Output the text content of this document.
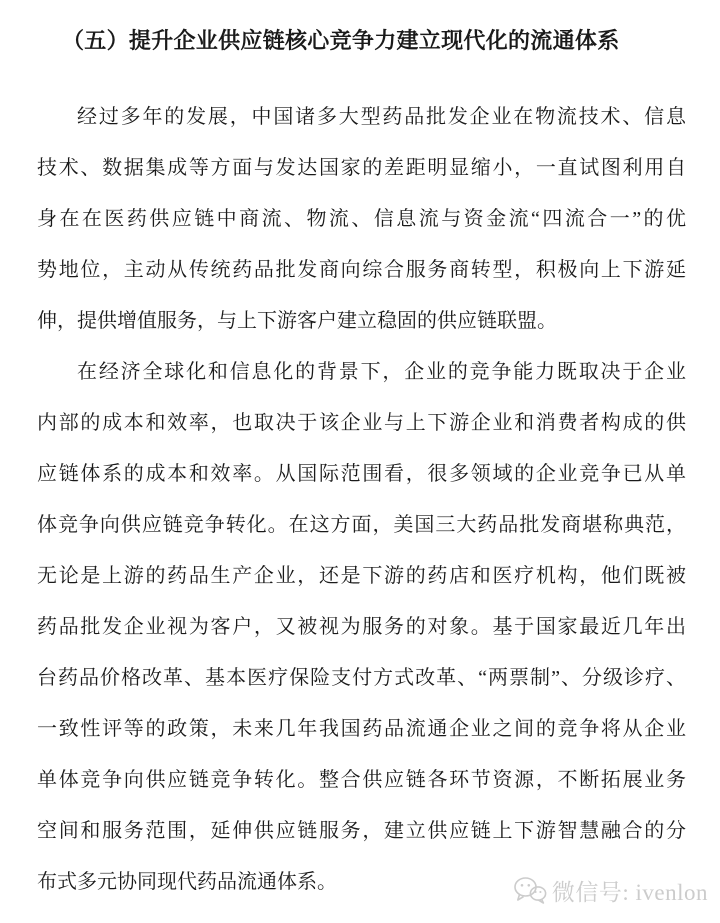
（五）提升企业供应链核心竞争力建立现代化的流通体系
经过多年的发展，中国诸多大型药品批发企业在物流技术、信息
技术、数据集成等方面与发达国家的差距明显缩小，一直试图利用自
身在在医药供应链中商流、物流、信息流与资金流“四流合一”的优
势地位，主动从传统药品批发商向综合服务商转型，积极向上下游延
伸，提供增值服务，与上下游客户建立稳固的供应链联盟。
在经济全球化和信息化的背景下，企业的竞争能力既取决于企业
内部的成本和效率，也取决于该企业与上下游企业和消费者构成的供
应链体系的成本和效率。从国际范围看，很多领域的企业竞争已从单
体竞争向供应链竞争转化。在这方面，美国三大药品批发商堪称典范，
无论是上游的药品生产企业，还是下游的药店和医疗机构，他们既被
药品批发企业视为客户，又被视为服务的对象。基于国家最近几年出
台药品价格改革、基本医疗保险支付方式改革、“两票制”、分级诊疗、
一致性评等的政策，未来几年我国药品流通企业之间的竞争将从企业
单体竞争向供应链竞争转化。整合供应链各环节资源，不断拓展业务
空间和服务范围，延伸供应链服务，建立供应链上下游智慧融合的分
布式多元协同现代药品流通体系。	微信号: ivenlon
